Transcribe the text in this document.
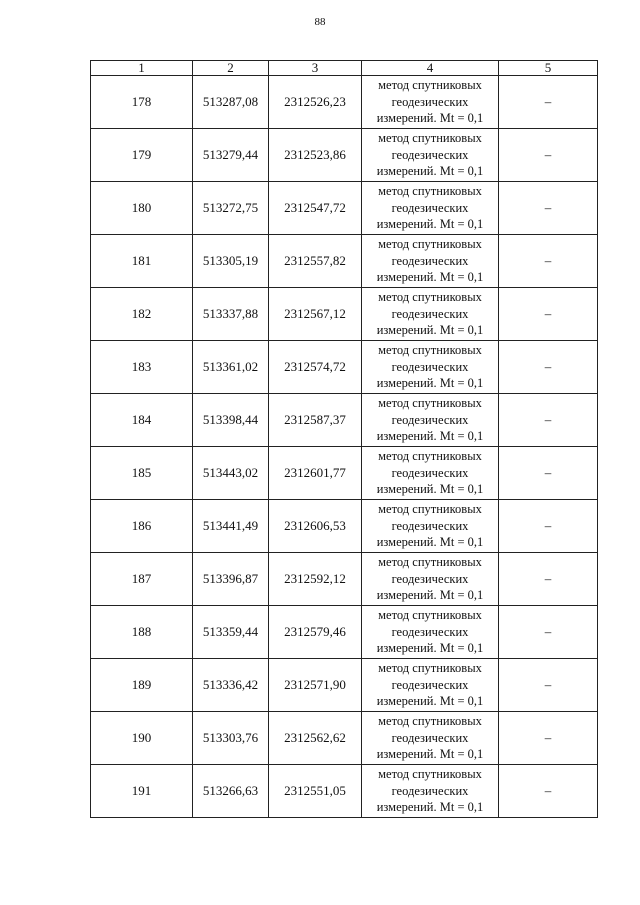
88
1	2	3	4	5
178	513287,08	2312526,23	метод спутниковых
геодезических
измерений. Mt = 0,1	–
179	513279,44	2312523,86	метод спутниковых
геодезических
измерений. Mt = 0,1	–
180	513272,75	2312547,72	метод спутниковых
геодезических
измерений. Mt = 0,1	–
181	513305,19	2312557,82	метод спутниковых
геодезических
измерений. Mt = 0,1	–
182	513337,88	2312567,12	метод спутниковых
геодезических
измерений. Mt = 0,1	–
183	513361,02	2312574,72	метод спутниковых
геодезических
измерений. Mt = 0,1	–
184	513398,44	2312587,37	метод спутниковых
геодезических
измерений. Mt = 0,1	–
185	513443,02	2312601,77	метод спутниковых
геодезических
измерений. Mt = 0,1	–
186	513441,49	2312606,53	метод спутниковых
геодезических
измерений. Mt = 0,1	–
187	513396,87	2312592,12	метод спутниковых
геодезических
измерений. Mt = 0,1	–
188	513359,44	2312579,46	метод спутниковых
геодезических
измерений. Mt = 0,1	–
189	513336,42	2312571,90	метод спутниковых
геодезических
измерений. Mt = 0,1	–
190	513303,76	2312562,62	метод спутниковых
геодезических
измерений. Mt = 0,1	–
191	513266,63	2312551,05	метод спутниковых
геодезических
измерений. Mt = 0,1	–
